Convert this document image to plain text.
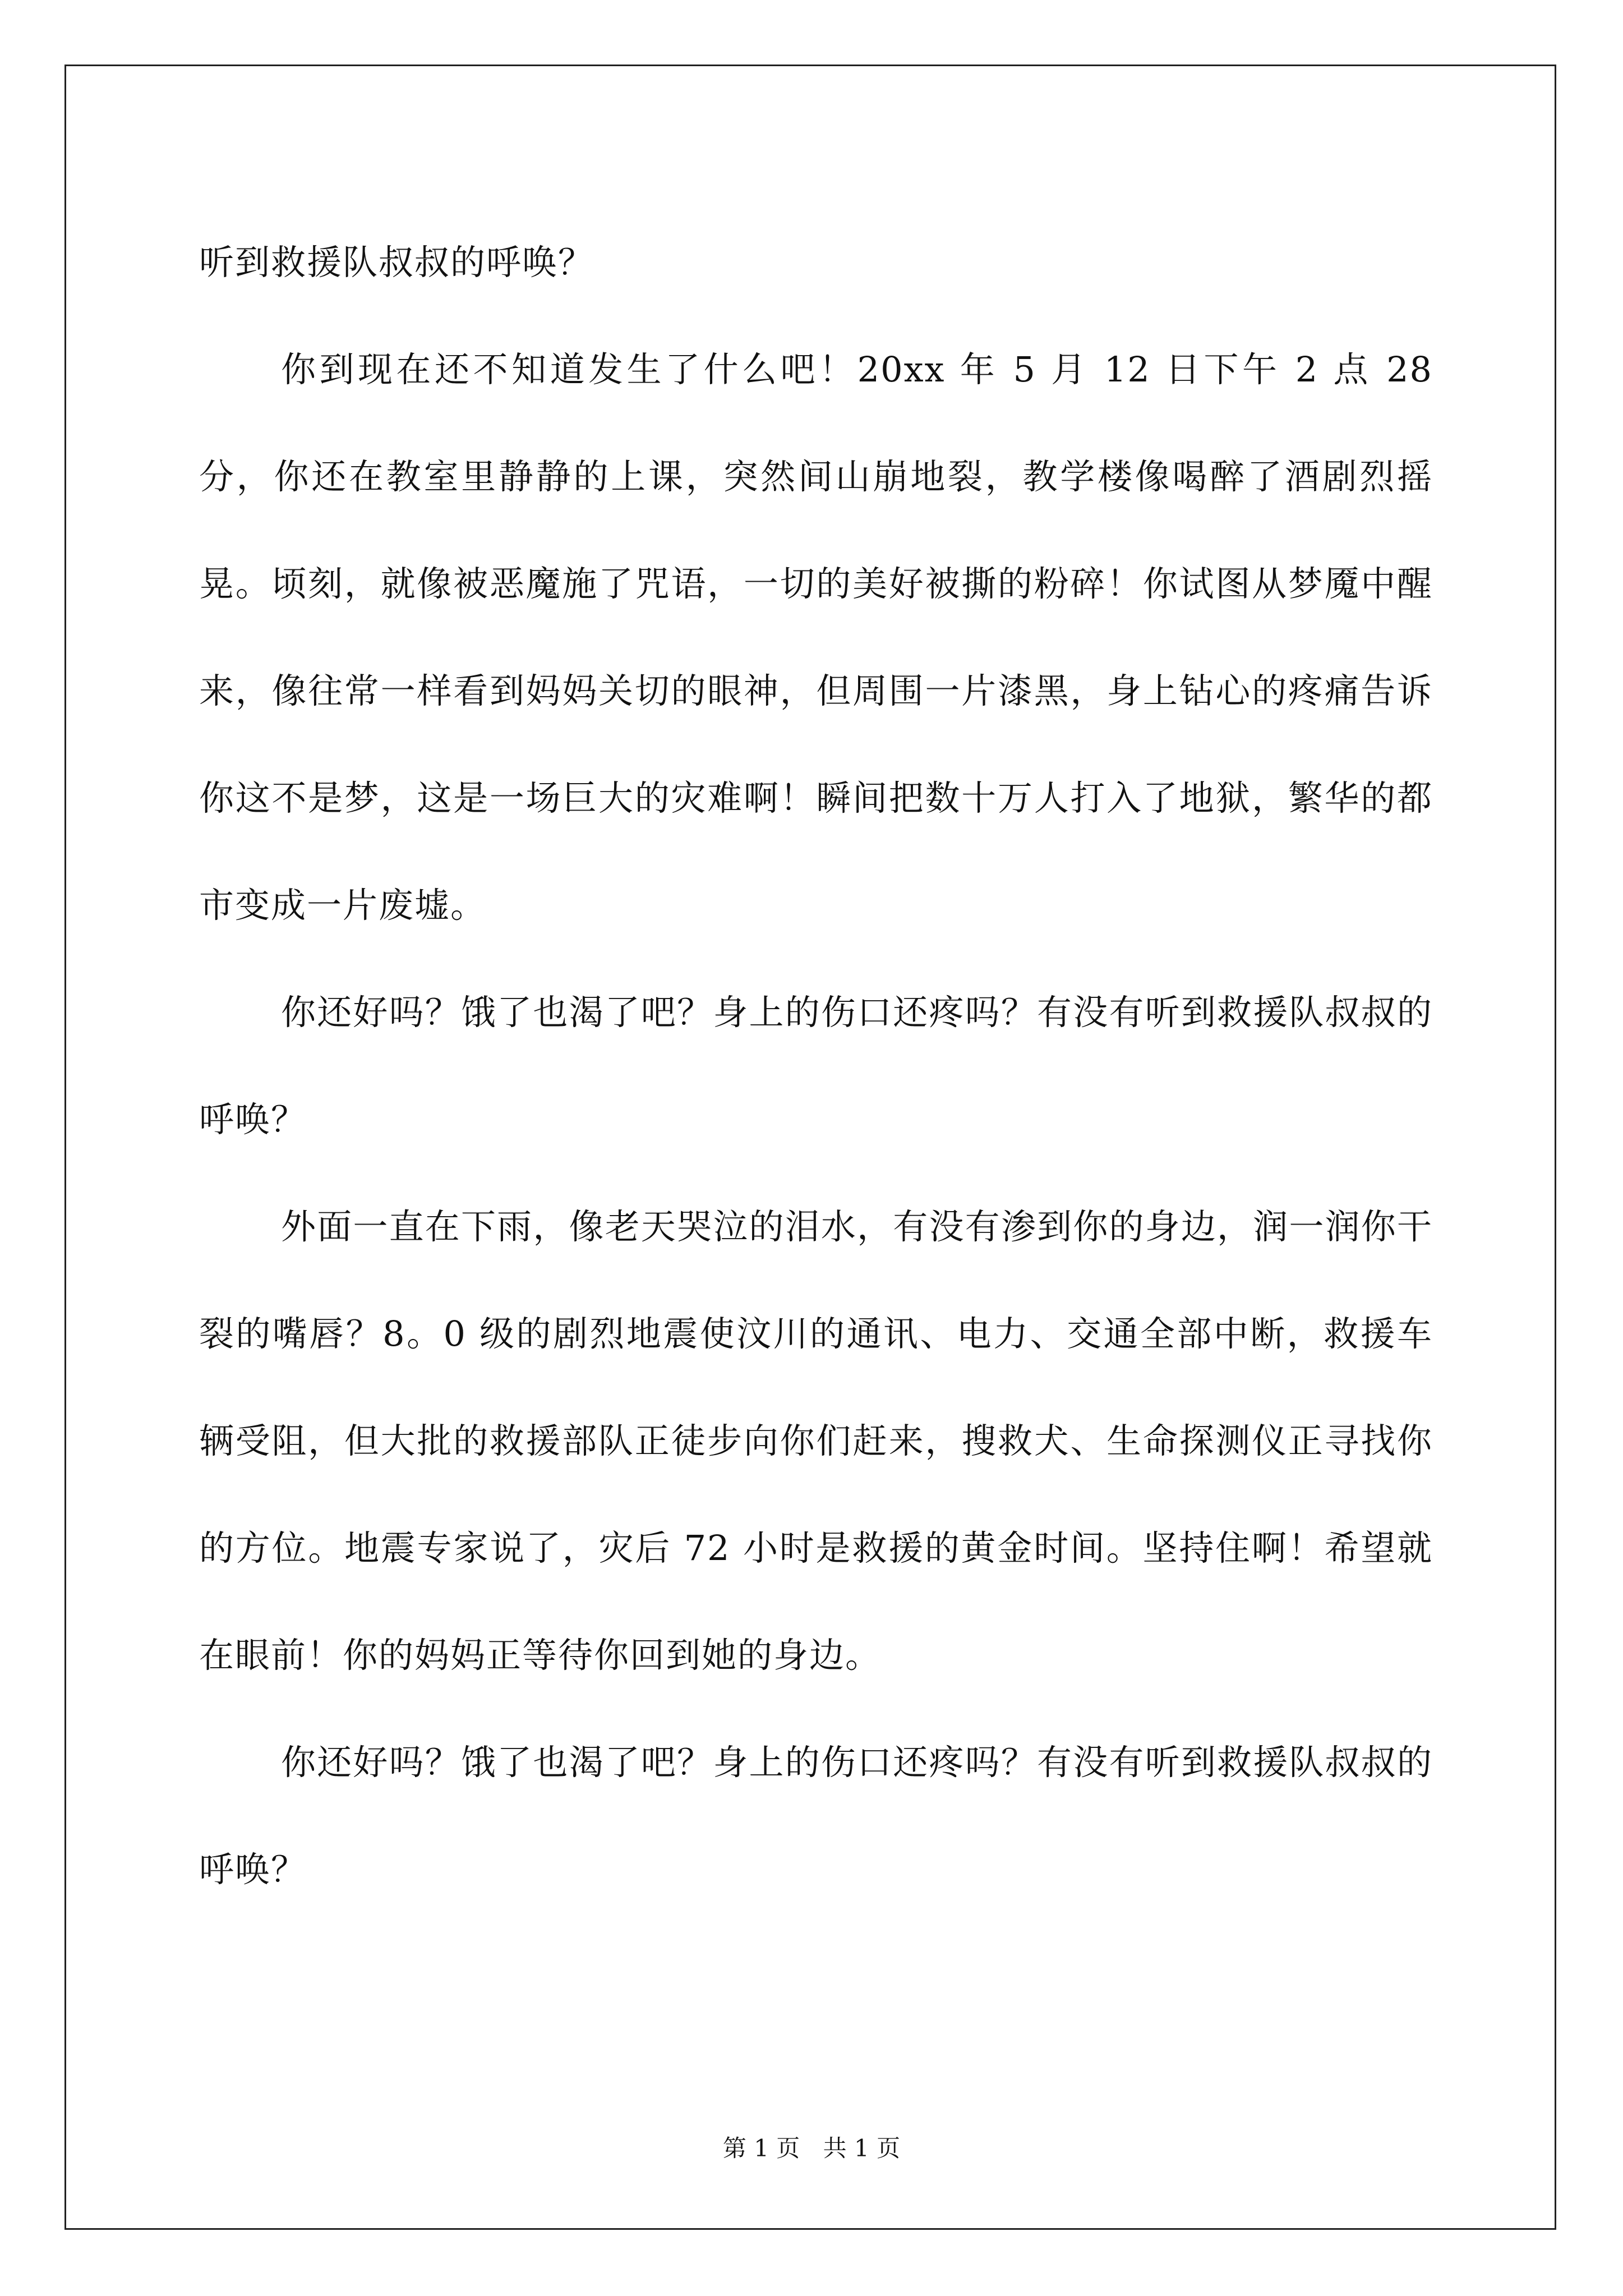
听到救援队叔叔的呼唤？

你到现在还不知道发生了什么吧！20xx 年 5 月 12 日下午 2 点 28 分，你还在教室里静静的上课，突然间山崩地裂，教学楼像喝醉了酒剧烈摇晃。顷刻，就像被恶魔施了咒语，一切的美好被撕的粉碎！你试图从梦魇中醒来，像往常一样看到妈妈关切的眼神，但周围一片漆黑，身上钻心的疼痛告诉你这不是梦，这是一场巨大的灾难啊！瞬间把数十万人打入了地狱，繁华的都市变成一片废墟。

你还好吗？饿了也渴了吧？身上的伤口还疼吗？有没有听到救援队叔叔的呼唤？

外面一直在下雨，像老天哭泣的泪水，有没有渗到你的身边，润一润你干裂的嘴唇？8。0 级的剧烈地震使汶川的通讯、电力、交通全部中断，救援车辆受阻，但大批的救援部队正徒步向你们赶来，搜救犬、生命探测仪正寻找你的方位。地震专家说了，灾后 72 小时是救援的黄金时间。坚持住啊！希望就在眼前！你的妈妈正等待你回到她的身边。

你还好吗？饿了也渴了吧？身上的伤口还疼吗？有没有听到救援队叔叔的呼唤？

第 1 页 共 1 页
